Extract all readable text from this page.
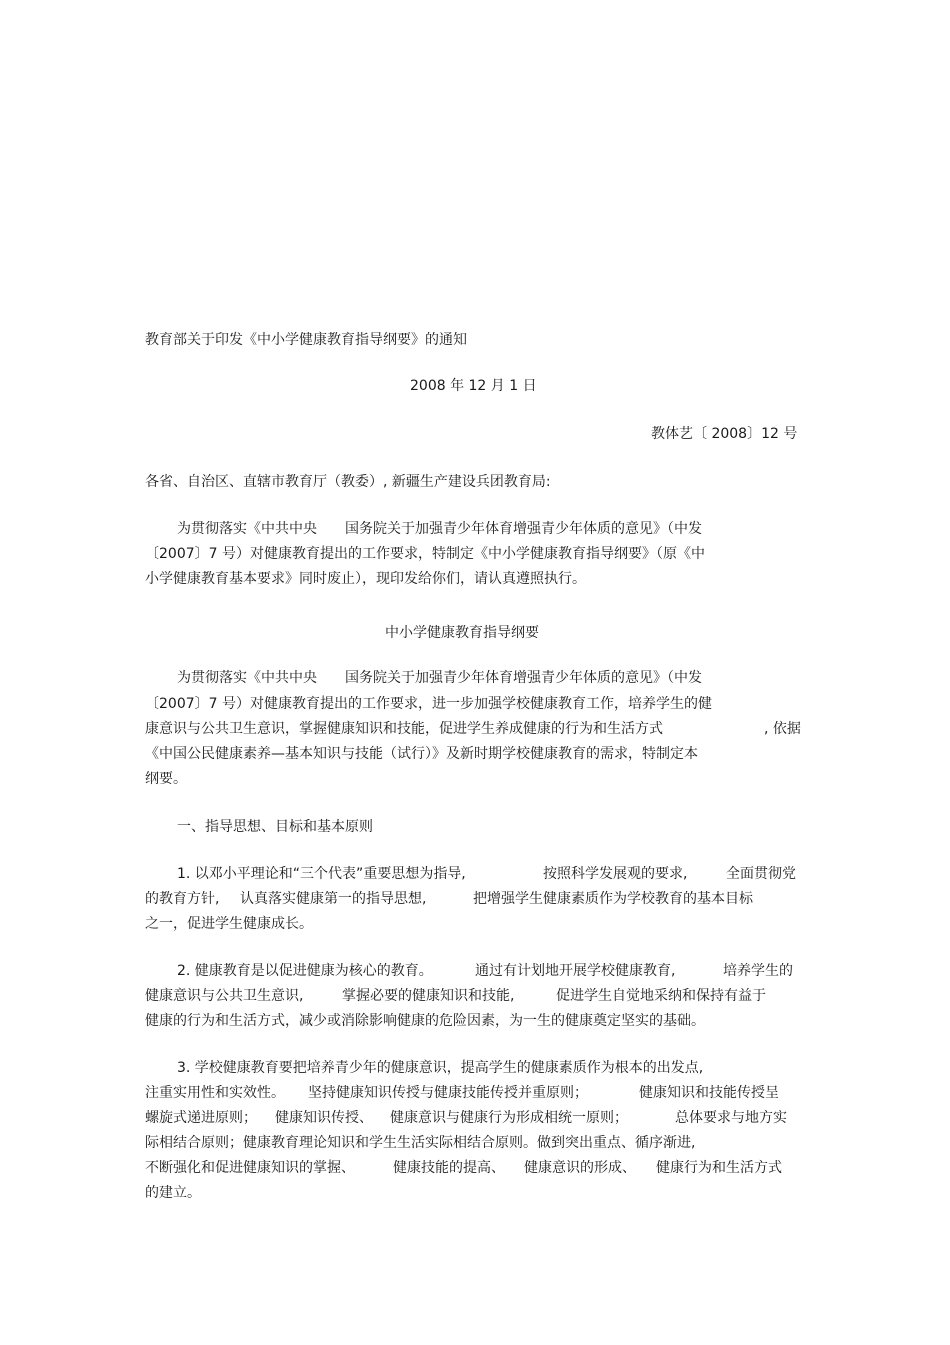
教育部关于印发《中小学健康教育指导纲要》的通知
2008 年 12 月 1 日
教体艺〔 2008〕12 号
各省、自治区、直辖市教育厅（教委）, 新疆生产建设兵团教育局:
为贯彻落实《中共中央　　国务院关于加强青少年体育增强青少年体质的意见》（中发
〔2007〕7 号）对健康教育提出的工作要求，特制定《中小学健康教育指导纲要》（原《中
小学健康教育基本要求》同时废止），现印发给你们，请认真遵照执行。
中小学健康教育指导纲要
为贯彻落实《中共中央　　国务院关于加强青少年体育增强青少年体质的意见》（中发
〔2007〕7 号）对健康教育提出的工作要求，进一步加强学校健康教育工作，培养学生的健
康意识与公共卫生意识，掌握健康知识和技能，促进学生养成健康的行为和生活方式	, 依据
《中国公民健康素养—基本知识与技能（试行）》及新时期学校健康教育的需求，特制定本
纲要。
一、指导思想、目标和基本原则
1. 以邓小平理论和“三个代表”重要思想为指导,	按照科学发展观的要求,	全面贯彻党
的教育方针, 认真落实健康第一的指导思想,	把增强学生健康素质作为学校教育的基本目标
之一，促进学生健康成长。
2. 健康教育是以促进健康为核心的教育。	通过有计划地开展学校健康教育,	培养学生的
健康意识与公共卫生意识,	掌握必要的健康知识和技能,	促进学生自觉地采纳和保持有益于
健康的行为和生活方式，减少或消除影响健康的危险因素，为一生的健康奠定坚实的基础。
3. 学校健康教育要把培养青少年的健康意识，提高学生的健康素质作为根本的出发点,
注重实用性和实效性。 坚持健康知识传授与健康技能传授并重原则；	健康知识和技能传授呈
螺旋式递进原则； 健康知识传授、 健康意识与健康行为形成相统一原则；	总体要求与地方实
际相结合原则；健康教育理论知识和学生生活实际相结合原则。做到突出重点、循序渐进,
不断强化和促进健康知识的掌握、	健康技能的提高、 健康意识的形成、 健康行为和生活方式
的建立。
